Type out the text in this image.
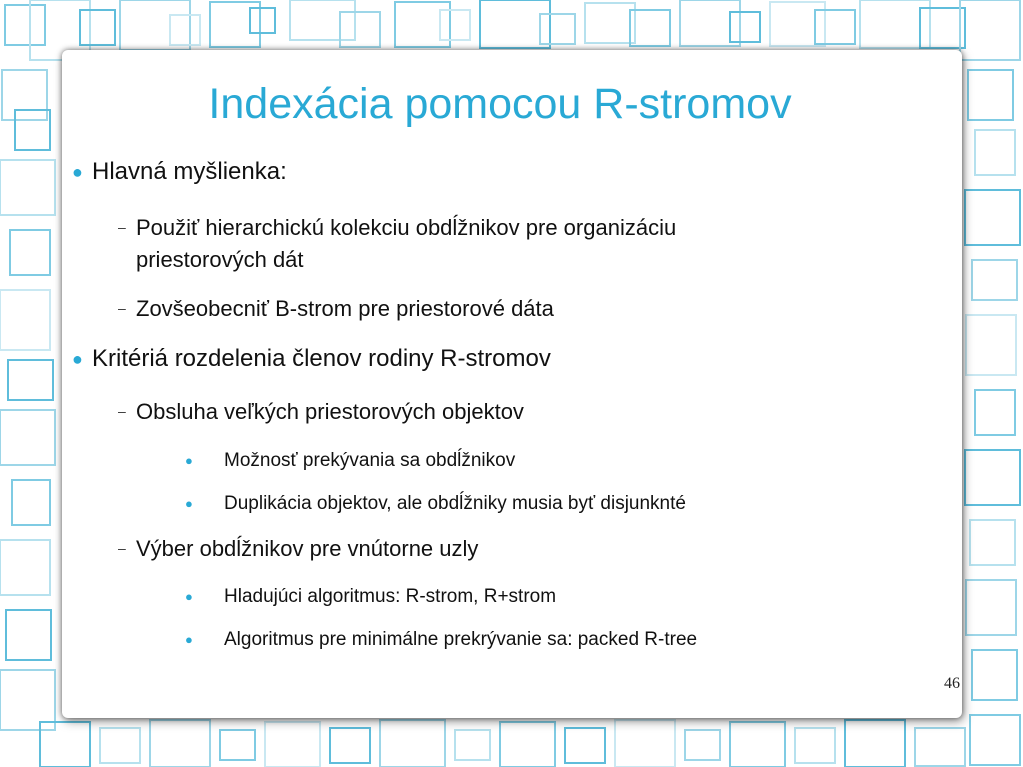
Indexácia pomocou R-stromov
● Hlavná myšlienka:

– Použiť hierarchickú kolekciu obdĺžnikov pre organizáciu

priestorových dát

– Zovšeobecniť B-strom pre priestorové dáta

● Kritériá rozdelenia členov rodiny R-stromov

– Obsluha veľkých priestorových objektov

● Možnosť prekývania sa obdĺžnikov

● Duplikácia objektov, ale obdĺžniky musia byť disjunknté

– Výber obdĺžnikov pre vnútorne uzly

● Hladujúci algoritmus: R-strom, R+strom

● Algoritmus pre minimálne prekrývanie sa: packed R-tree

46
